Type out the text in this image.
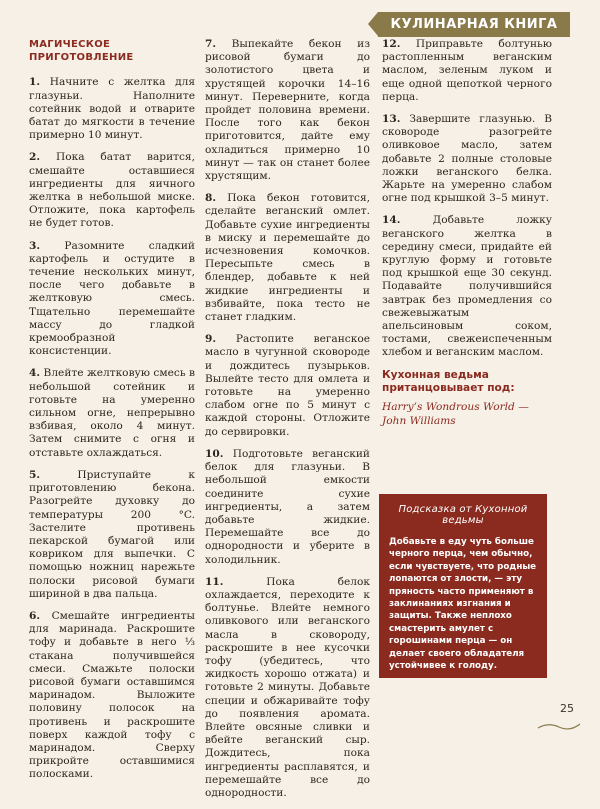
КУЛИНАРНАЯ КНИГА
МАГИЧЕСКОЕ ПРИГОТОВЛЕНИЕ

1. Начните с желтка для глазуньи. Наполните сотейник водой и отварите батат до мягкости в течение примерно 10 минут.

2. Пока батат варится, смешайте оставшиеся ингредиенты для яичного желтка в небольшой миске. Отложите, пока картофель не будет готов.

3. Разомните сладкий картофель и остудите в течение нескольких минут, после чего добавьте в желтковую смесь. Тщательно перемешайте массу до гладкой кремообразной консистенции.

4. Влейте желтковую смесь в небольшой сотейник и готовьте на умеренно сильном огне, непрерывно взбивая, около 4 минут. Затем снимите с огня и отставьте охлаждаться.

5.	Приступайте к приготовлению бекона. Разогрейте духовку до температуры 200 °C. Застелите противень пекарской бумагой или ковриком для выпечки. С помощью ножниц нарежьте полоски рисовой бумаги шириной в два пальца.

6. Смешайте ингредиенты для маринада. Раскрошите тофу и добавьте в него ⅓ стакана получившейся смеси. Смажьте полоски рисовой бумаги оставшимся маринадом. Выложите половину полосок на противень и раскрошите поверх каждой тофу с маринадом. Сверху прикройте оставшимися полосками.

7. Выпекайте бекон из рисовой бумаги до золотистого цвета и хрустящей корочки 14–16 минут. Переверните, когда пройдет половина времени. После того как бекон приготовится, дайте ему охладиться примерно 10 минут — так он станет более хрустящим.

8. Пока бекон готовится, сделайте веганский омлет. Добавьте сухие ингредиенты в миску и перемешайте до исчезновения комочков. Пересыпьте смесь в блендер, добавьте к ней жидкие ингредиенты и взбивайте, пока тесто не станет гладким.

9. Растопите веганское масло в чугунной сковороде и дождитесь пузырьков. Вылейте тесто для омлета и готовьте на умеренно слабом огне по 5 минут с каждой стороны. Отложите до сервировки.

10. Подготовьте веганский белок для глазуньи. В небольшой емкости соедините сухие ингредиенты, а затем добавьте жидкие. Перемешайте все до однородности и уберите в холодильник.

11.	Пока белок охлаждается, переходите к болтунье. Влейте немного оливкового или веганского масла в сковороду, раскрошите в нее кусочки тофу (убедитесь, что жидкость хорошо отжата) и готовьте 2 минуты. Добавьте специи и обжаривайте тофу до появления аромата. Влейте овсяные сливки и вбейте веганский сыр. Дождитесь, пока ингредиенты расплавятся, и перемешайте все до однородности.

12. Приправьте болтунью растопленным веганским маслом, зеленым луком и еще одной щепоткой черного перца.

13. Завершите глазунью. В сковороде разогрейте оливковое масло, затем добавьте 2 полные столовые ложки веганского белка. Жарьте на умеренно слабом огне под крышкой 3–5 минут.

14.	Добавьте ложку веганского желтка в середину смеси, придайте ей круглую форму и готовьте под крышкой еще 30 секунд. Подавайте получившийся завтрак без промедления со свежевыжатым апельсиновым соком, тостами, свежеиспеченным хлебом и веганским маслом.

Кухонная ведьма пританцовывает под:

Harry’s Wondrous World — John Williams

Подсказка от Кухонной ведьмы
Добавьте в еду чуть больше черного перца, чем обычно, если чувствуете, что родные лопаются от злости, — эту пряность часто применяют в заклинаниях изгнания и защиты. Также неплохо смастерить амулет с горошинами перца — он делает своего обладателя устойчивее к голоду.
25
